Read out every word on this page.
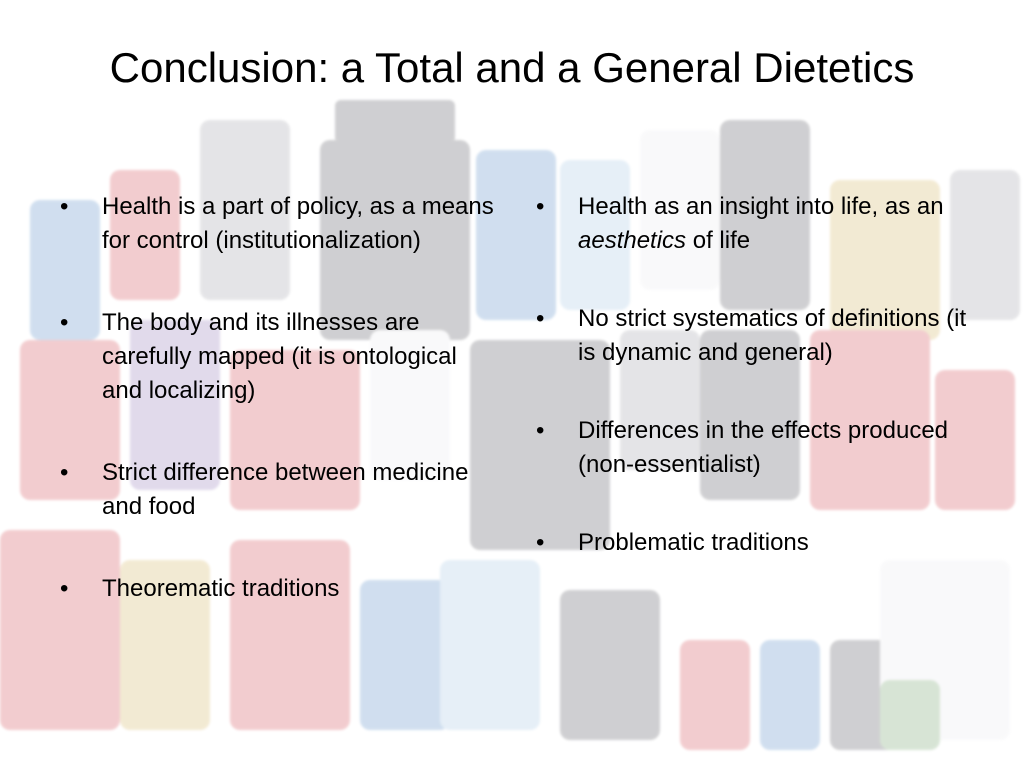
Conclusion: a Total and a General Dietetics
• Health is a part of policy, as a means for control (institutionalization)
• The body and its illnesses are carefully mapped (it is ontological and localizing)
• Strict difference between medicine and food
• Theorematic traditions
• Health as an insight into life, as an aesthetics of life
• No strict systematics of definitions (it is dynamic and general)
• Differences in the effects produced (non-essentialist)
• Problematic traditions
